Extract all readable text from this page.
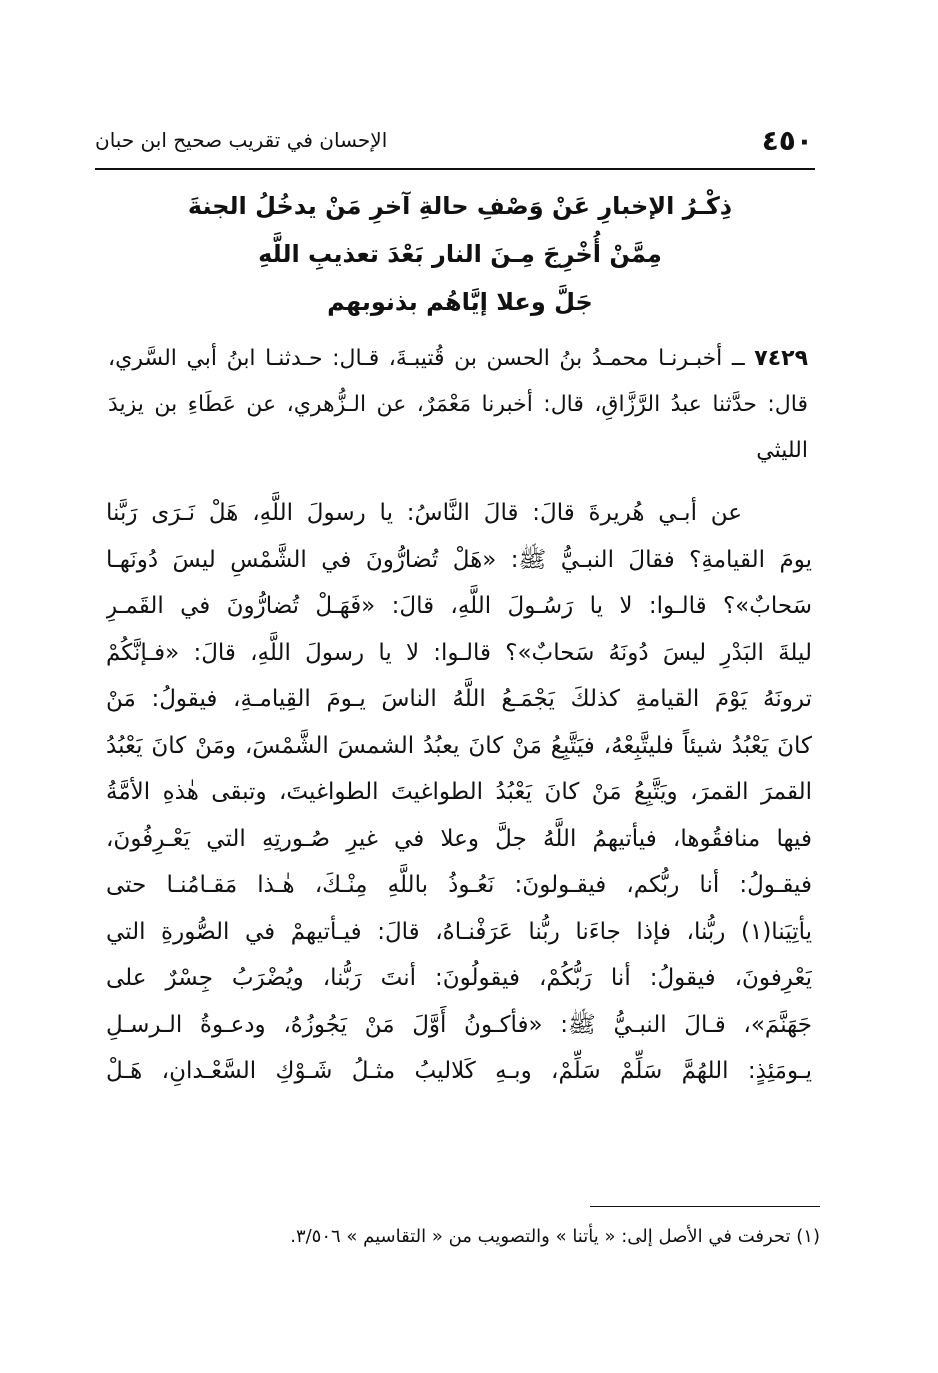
٤٥٠
الإحسان في تقريب صحيح ابن حبان
ذِكْـرُ الإخبارِ عَنْ وَصْفِ حالةِ آخرِ مَنْ يدخُلُ الجنةَ
مِمَّنْ أُخْرِجَ مِـنَ النار بَعْدَ تعذيبِ اللَّهِ
جَلَّ وعلا إيَّاهُم بذنوبهم
٧٤٢٩ ــ أخبـرنـا محمـدُ بنُ الحسن بن قُتيبـةَ، قـال: حـدثنـا ابنُ أبي السَّري، قال: حدَّثنا عبدُ الرَّزَّاقِ، قال: أخبرنا مَعْمَرٌ، عن الـزُّهري، عن عَطَاءِ بن يزيدَ الليثي
عن أبـي هُريرةَ قالَ: قالَ النَّاسُ: يا رسولَ اللَّهِ، هَلْ نَـرَى رَبَّنا
يومَ القيامةِ؟ فقالَ النبـيُّ ﷺ: «هَلْ تُضارُّونَ في الشَّمْسِ ليسَ دُونَهـا
سَحابٌ»؟ قالـوا: لا يا رَسُـولَ اللَّهِ، قالَ: «فَهَـلْ تُضارُّونَ في القَمـرِ
ليلةَ البَدْرِ ليسَ دُونَهُ سَحابٌ»؟ قالـوا: لا يا رسولَ اللَّهِ، قالَ: «فـإنَّكُمْ
ترونَهُ يَوْمَ القيامةِ كذلكَ يَجْمَـعُ اللَّهُ الناسَ يـومَ القِيامـةِ، فيقولُ: مَنْ
كانَ يَعْبُدُ شيئاً فليتَّبِعْهُ، فيَتَّبِعُ مَنْ كانَ يعبُدُ الشمسَ الشَّمْسَ، ومَنْ كانَ يَعْبُدُ
القمرَ القمرَ، ويَتَّبِعُ مَنْ كانَ يَعْبُدُ الطواغيتَ الطواغيتَ، وتبقى هٰذهِ الأمَّةُ
فيها منافقُوها، فيأتيهمُ اللَّهُ جلَّ وعلا في غيرِ صُـورتِهِ التي يَعْـرِفُونَ،
فيقـولُ: أنا ربُّكم، فيقـولونَ: نَعُـوذُ باللَّهِ مِنْـكَ، هٰـذا مَقـامُنـا حتى
يأتِيَنا(١) ربُّنا، فإذا جاءَنا ربُّنا عَرَفْنـاهُ، قالَ: فيـأتيهمْ في الصُّورةِ التي
يَعْرِفونَ، فيقولُ: أنا رَبُّكُمْ، فيقولُونَ: أنتَ رَبُّنا، ويُضْرَبُ جِسْرٌ على
جَهَنَّمَ»، قـالَ النبـيُّ ﷺ: «فأكـونُ أَوَّلَ مَنْ يَجُوزُهُ، ودعـوةُ الـرسـلِ
يـومَئِذٍ: اللهُمَّ سَلِّمْ سَلِّمْ، وبـهِ كَلاليبُ مثـلُ شَـوْكِ السَّعْـدانِ، هَـلْ
(١) تحرفت في الأصل إلى: « يأتنا » والتصويب من « التقاسيم » ٣/٥٠٦.
